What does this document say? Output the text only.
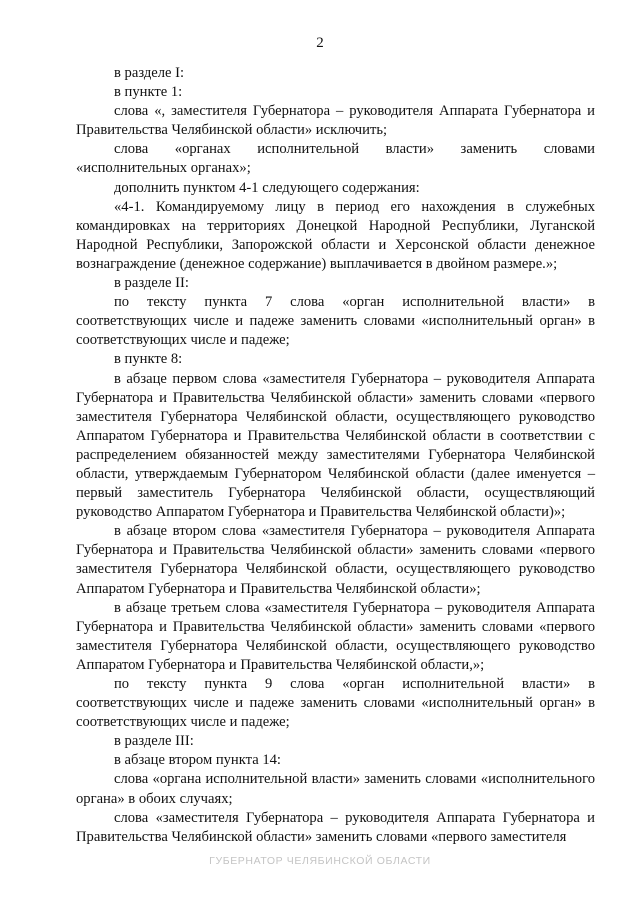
2

в разделе I:

в пункте 1:

слова «, заместителя Губернатора – руководителя Аппарата Губернатора и Правительства Челябинской области» исключить;

слова «органах исполнительной власти» заменить словами «исполнительных органах»;

дополнить пунктом 4-1 следующего содержания:

«4-1. Командируемому лицу в период его нахождения в служебных командировках на территориях Донецкой Народной Республики, Луганской Народной Республики, Запорожской области и Херсонской области денежное вознаграждение (денежное содержание) выплачивается в двойном размере.»;

в разделе II:

по тексту пункта 7 слова «орган исполнительной власти» в соответствующих числе и падеже заменить словами «исполнительный орган» в соответствующих числе и падеже;

в пункте 8:

в абзаце первом слова «заместителя Губернатора – руководителя Аппарата Губернатора и Правительства Челябинской области» заменить словами «первого заместителя Губернатора Челябинской области, осуществляющего руководство Аппаратом Губернатора и Правительства Челябинской области в соответствии с распределением обязанностей между заместителями Губернатора Челябинской области, утверждаемым Губернатором Челябинской области (далее именуется – первый заместитель Губернатора Челябинской области, осуществляющий руководство Аппаратом Губернатора и Правительства Челябинской области)»;

в абзаце втором слова «заместителя Губернатора – руководителя Аппарата Губернатора и Правительства Челябинской области» заменить словами «первого заместителя Губернатора Челябинской области, осуществляющего руководство Аппаратом Губернатора и Правительства Челябинской области»;

в абзаце третьем слова «заместителя Губернатора – руководителя Аппарата Губернатора и Правительства Челябинской области» заменить словами «первого заместителя Губернатора Челябинской области, осуществляющего руководство Аппаратом Губернатора и Правительства Челябинской области,»;

по тексту пункта 9 слова «орган исполнительной власти» в соответствующих числе и падеже заменить словами «исполнительный орган» в соответствующих числе и падеже;

в разделе III:

в абзаце втором пункта 14:

слова «органа исполнительной власти» заменить словами «исполнительного органа» в обоих случаях;

слова «заместителя Губернатора – руководителя Аппарата Губернатора и Правительства Челябинской области» заменить словами «первого заместителя

ГУБЕРНАТОР ЧЕЛЯБИНСКОЙ ОБЛАСТИ
